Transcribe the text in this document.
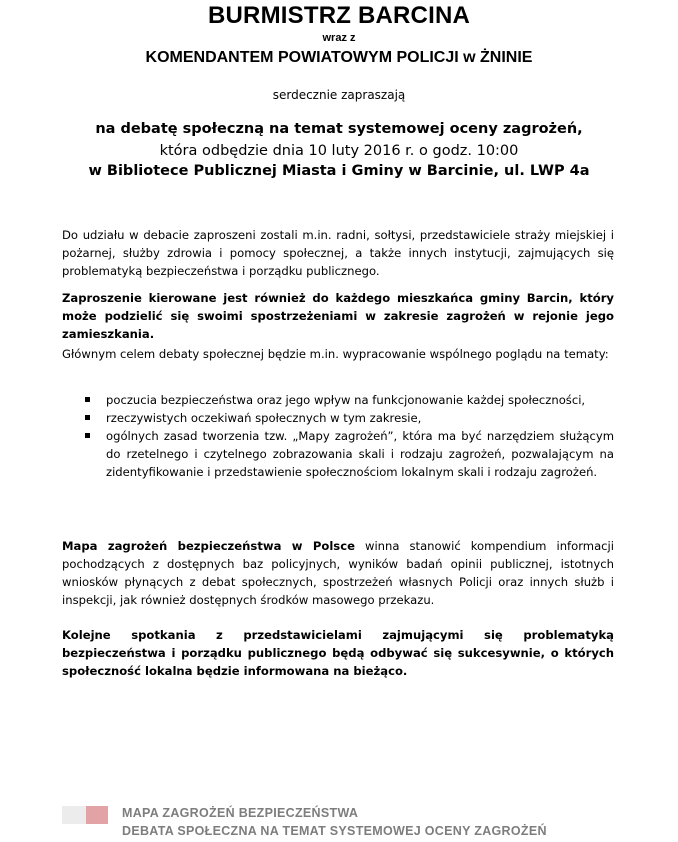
BURMISTRZ BARCINA
wraz z
KOMENDANTEM POWIATOWYM POLICJI w ŻNINIE
serdecznie zapraszają
na debatę społeczną na temat systemowej oceny zagrożeń,
która odbędzie dnia 10 luty 2016 r. o godz. 10:00
w Bibliotece Publicznej Miasta i Gminy w Barcinie, ul. LWP 4a
Do udziału w debacie zaproszeni zostali m.in. radni, sołtysi, przedstawiciele straży miejskiej i pożarnej, służby zdrowia i pomocy społecznej, a także innych instytucji, zajmujących się problematyką bezpieczeństwa i porządku publicznego.
Zaproszenie kierowane jest również do każdego mieszkańca gminy Barcin, który może podzielić się swoimi spostrzeżeniami w zakresie zagrożeń w rejonie jego zamieszkania.
Głównym celem debaty społecznej będzie m.in. wypracowanie wspólnego poglądu na tematy:
poczucia bezpieczeństwa oraz jego wpływ na funkcjonowanie każdej społeczności,
rzeczywistych oczekiwań społecznych w tym zakresie,
ogólnych zasad tworzenia tzw. „Mapy zagrożeń”, która ma być narzędziem służącym do rzetelnego i czytelnego zobrazowania skali i rodzaju zagrożeń, pozwalającym na zidentyfikowanie i przedstawienie społecznościom lokalnym skali i rodzaju zagrożeń.
Mapa zagrożeń bezpieczeństwa w Polsce winna stanowić kompendium informacji pochodzących z dostępnych baz policyjnych, wyników badań opinii publicznej, istotnych wniosków płynących z debat społecznych, spostrzeżeń własnych Policji oraz innych służb i inspekcji, jak również dostępnych środków masowego przekazu.
Kolejne spotkania z przedstawicielami zajmującymi się problematyką bezpieczeństwa i porządku publicznego będą odbywać się sukcesywnie, o których społeczność lokalna będzie informowana na bieżąco.
MAPA ZAGROŻEŃ BEZPIECZEŃSTWA
DEBATA SPOŁECZNA NA TEMAT SYSTEMOWEJ OCENY ZAGROŻEŃ
